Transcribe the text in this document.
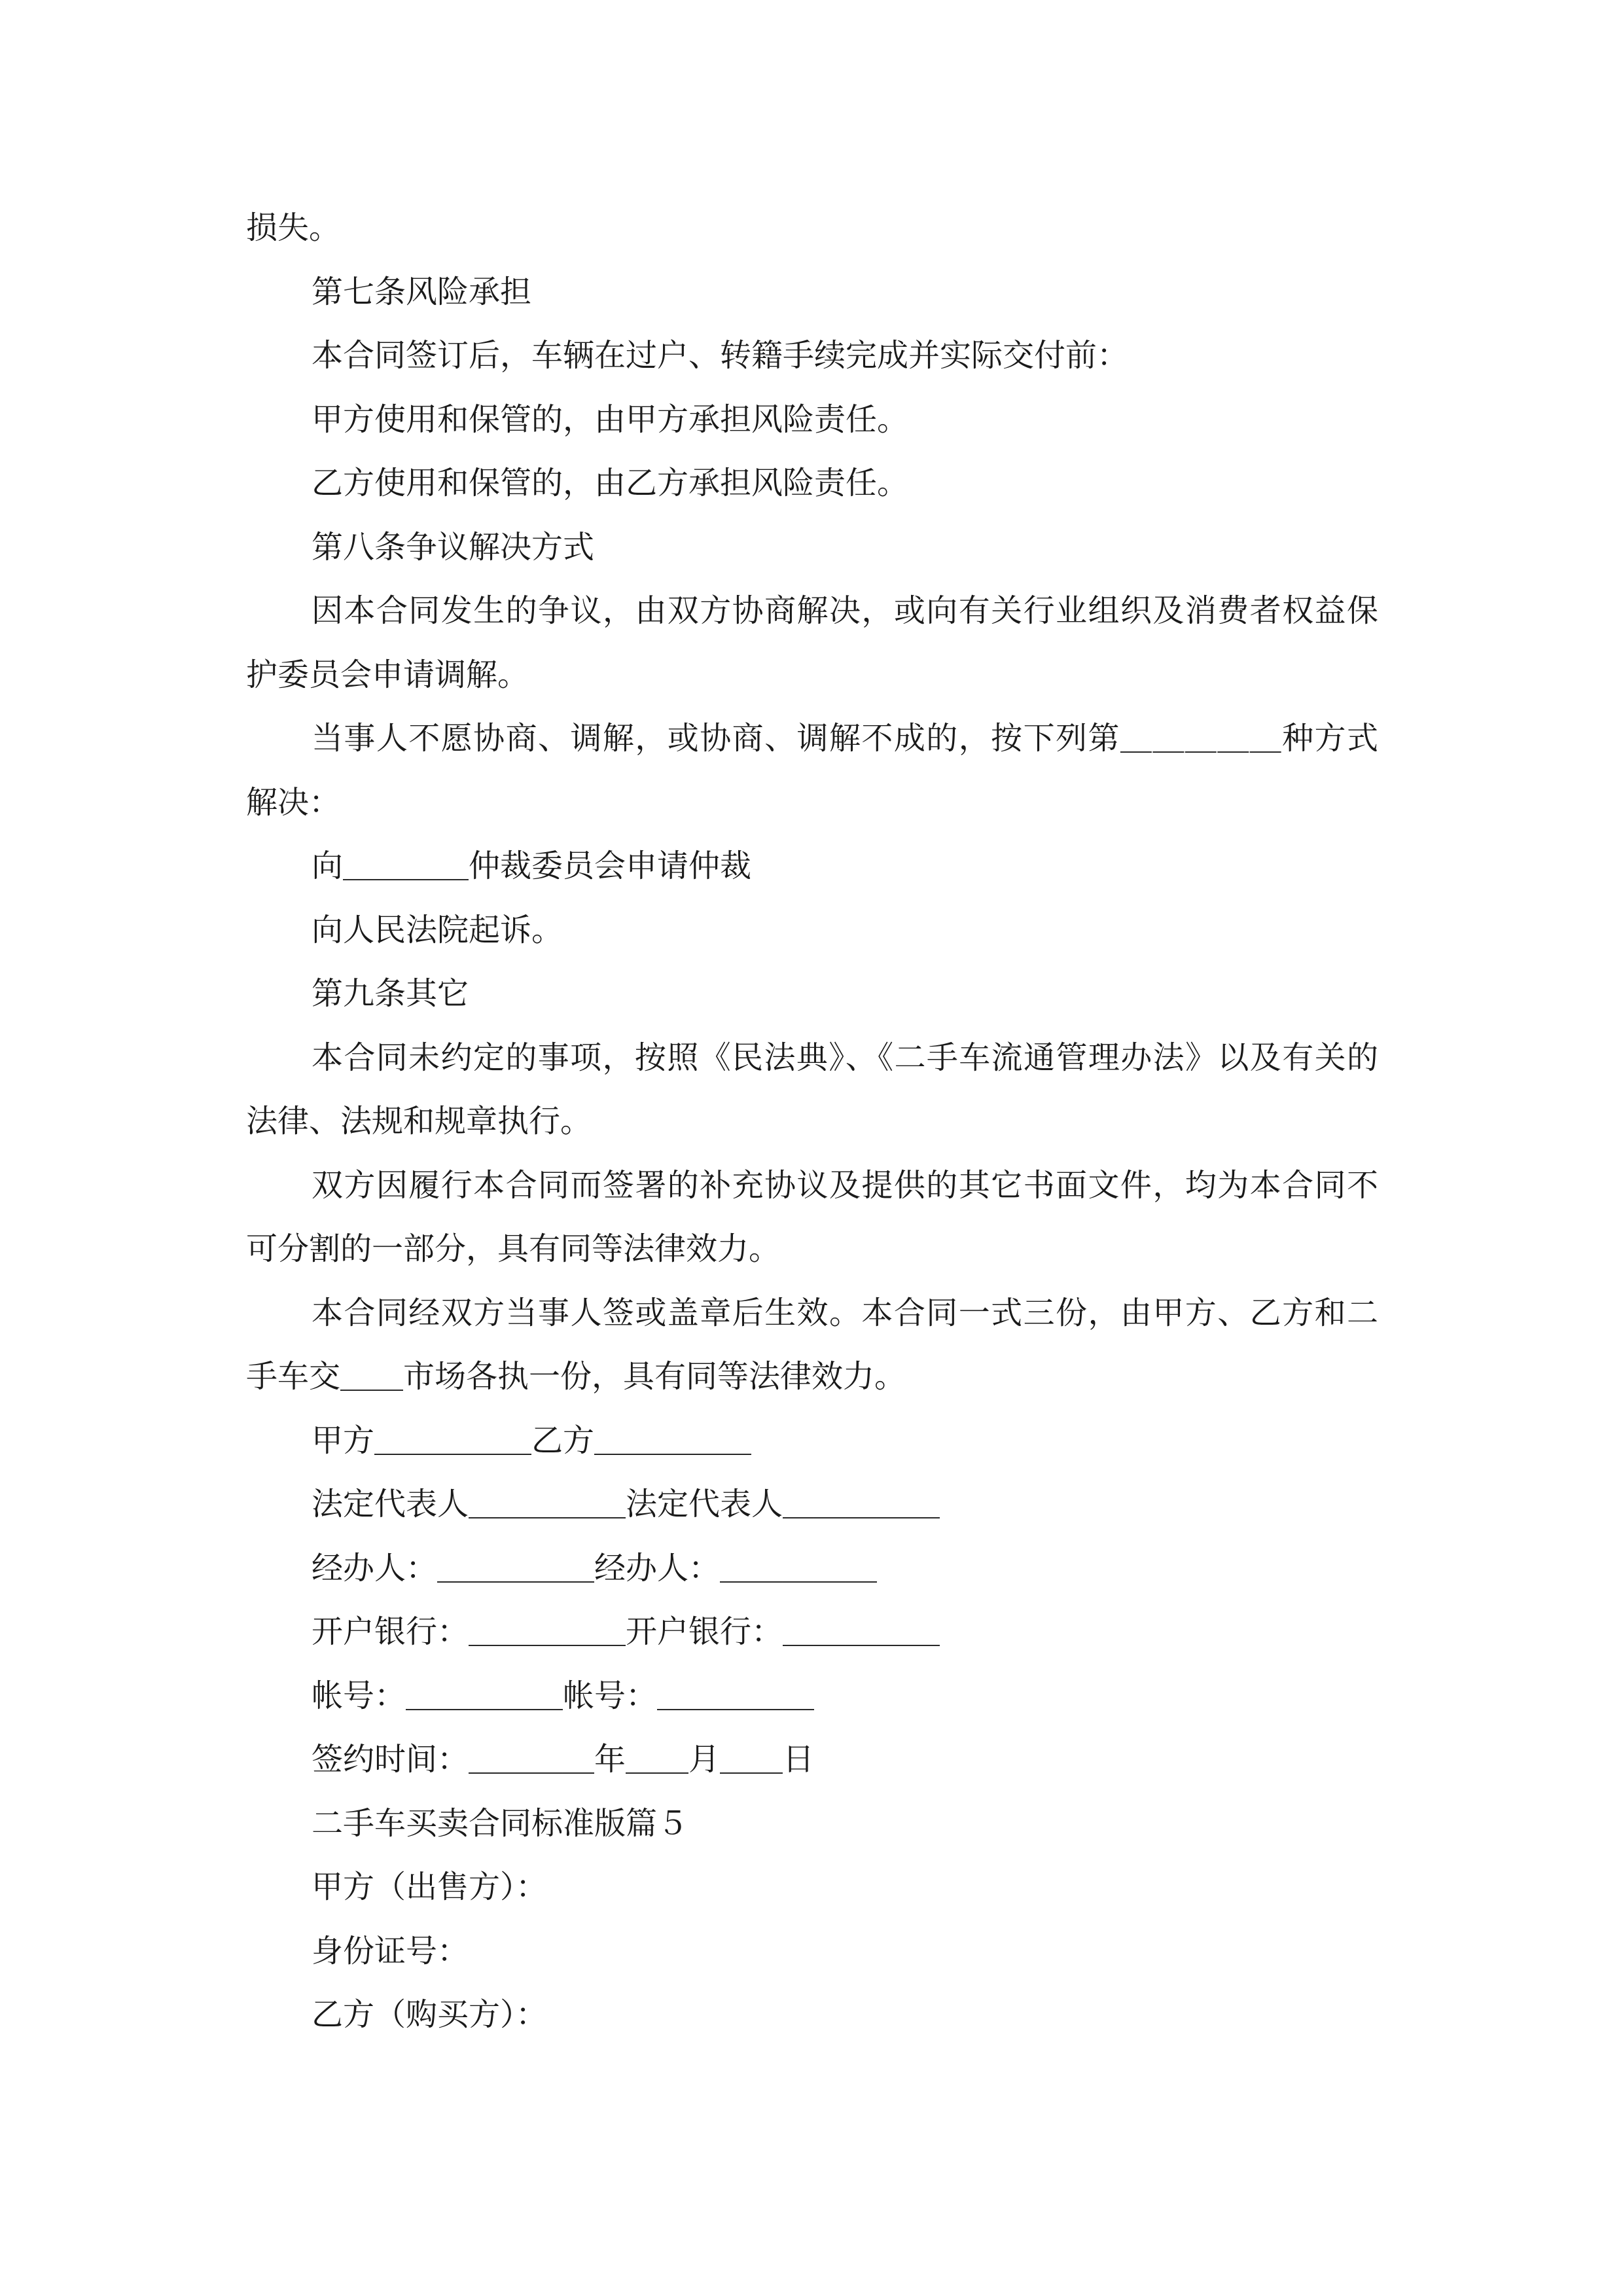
损失。
第七条风险承担
本合同签订后，车辆在过户、转籍手续完成并实际交付前：
甲方使用和保管的，由甲方承担风险责任。
乙方使用和保管的，由乙方承担风险责任。
第八条争议解决方式
因本合同发生的争议，由双方协商解决，或向有关行业组织及消费者权益保
护委员会申请调解。
当事人不愿协商、调解，或协商、调解不成的，按下列第＿＿＿＿＿种方式
解决：
向＿＿＿＿仲裁委员会申请仲裁
向人民法院起诉。
第九条其它
本合同未约定的事项，按照《民法典》、《二手车流通管理办法》以及有关的
法律、法规和规章执行。
双方因履行本合同而签署的补充协议及提供的其它书面文件，均为本合同不
可分割的一部分，具有同等法律效力。
本合同经双方当事人签或盖章后生效。本合同一式三份，由甲方、乙方和二
手车交＿＿市场各执一份，具有同等法律效力。
甲方＿＿＿＿＿乙方＿＿＿＿＿
法定代表人＿＿＿＿＿法定代表人＿＿＿＿＿
经办人：＿＿＿＿＿经办人：＿＿＿＿＿
开户银行：＿＿＿＿＿开户银行：＿＿＿＿＿
帐号：＿＿＿＿＿帐号：＿＿＿＿＿
签约时间：＿＿＿＿年＿＿月＿＿日
二手车买卖合同标准版篇５
甲方（出售方）：
身份证号：
乙方（购买方）：
